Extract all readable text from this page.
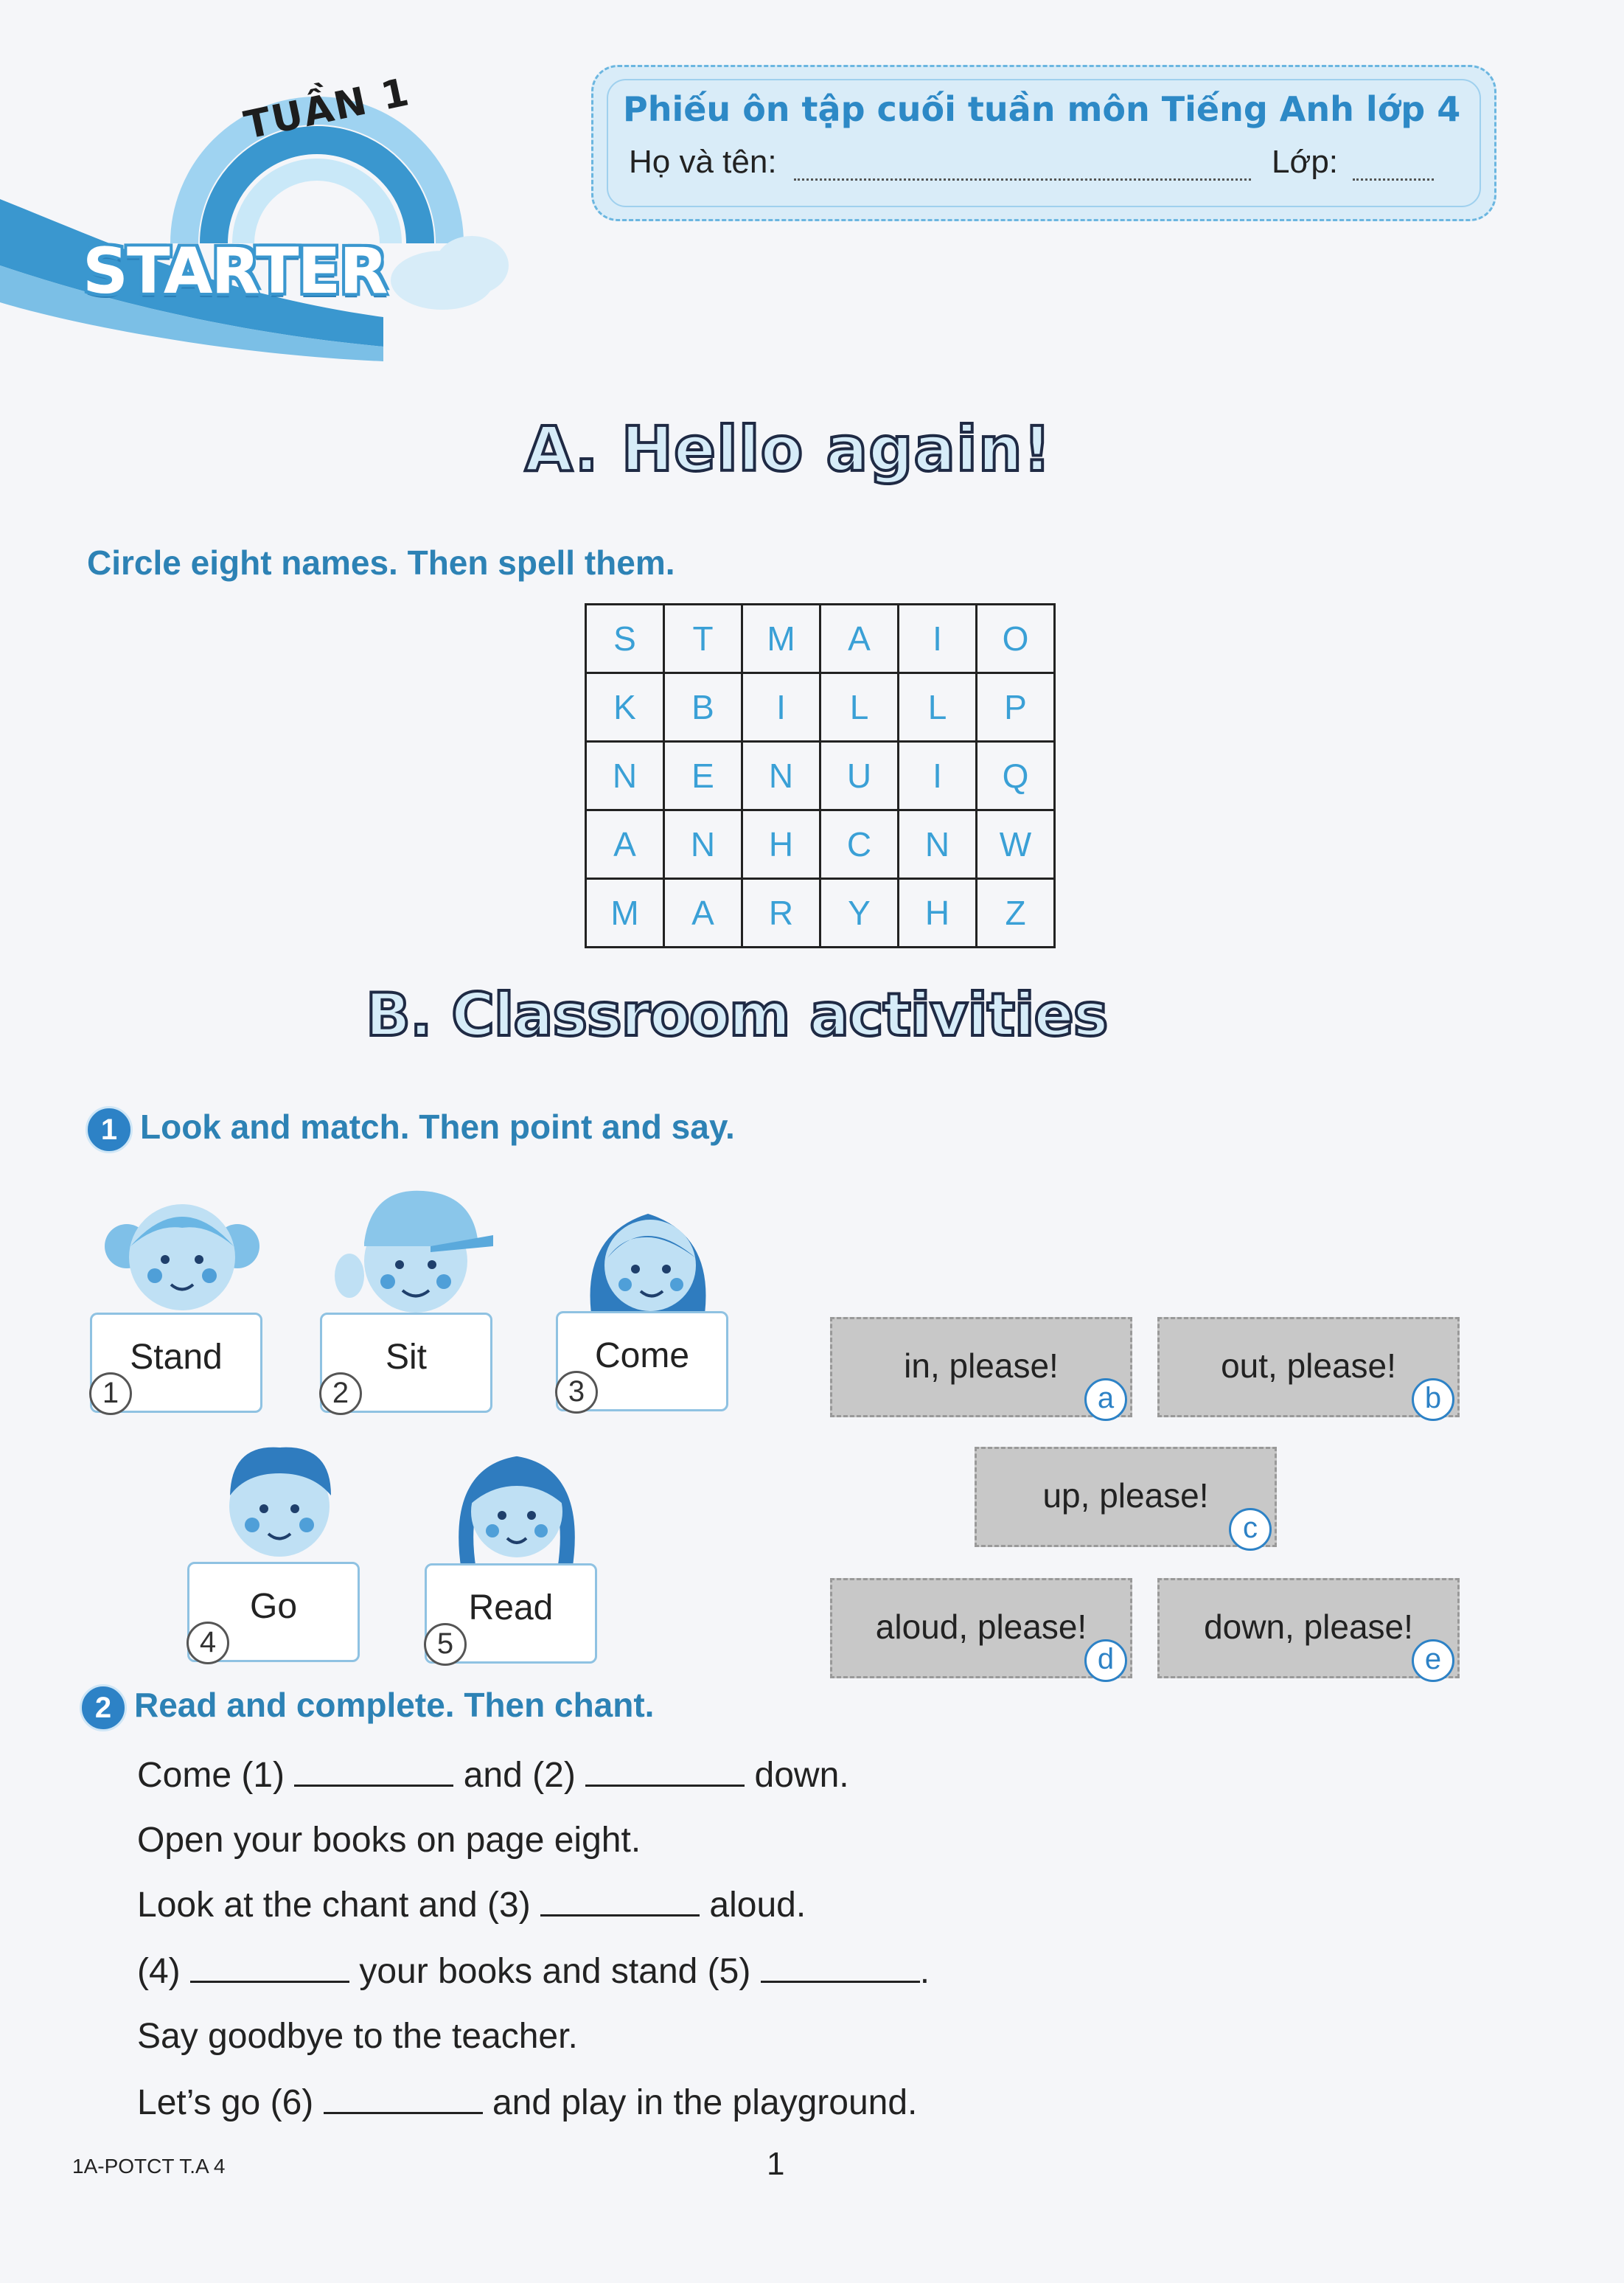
TUẦN 1
STARTER
Phiếu ôn tập cuối tuần môn Tiếng Anh lớp 4
Họ và tên:	Lớp:
A. Hello again!
Circle eight names. Then spell them.
S	T	M	A	I	O
K	B	I	L	L	P
N	E	N	U	I	Q
A	N	H	C	N	W
M	A	R	Y	H	Z
B. Classroom activities
1 Look and match. Then point and say.
Stand
1
Sit
2
Come
3
Go
4
Read
5
in, please!
a
out, please!
b
up, please!
c
aloud, please!
d
down, please!
e
2 Read and complete. Then chant.
Come (1)	and (2)	down.
Open your books on page eight.
Look at the chant and (3)	aloud.
(4)	your books and stand (5)	.
Say goodbye to the teacher.
Let’s go (6)	and play in the playground.
1A-POTCT T.A 4	1
